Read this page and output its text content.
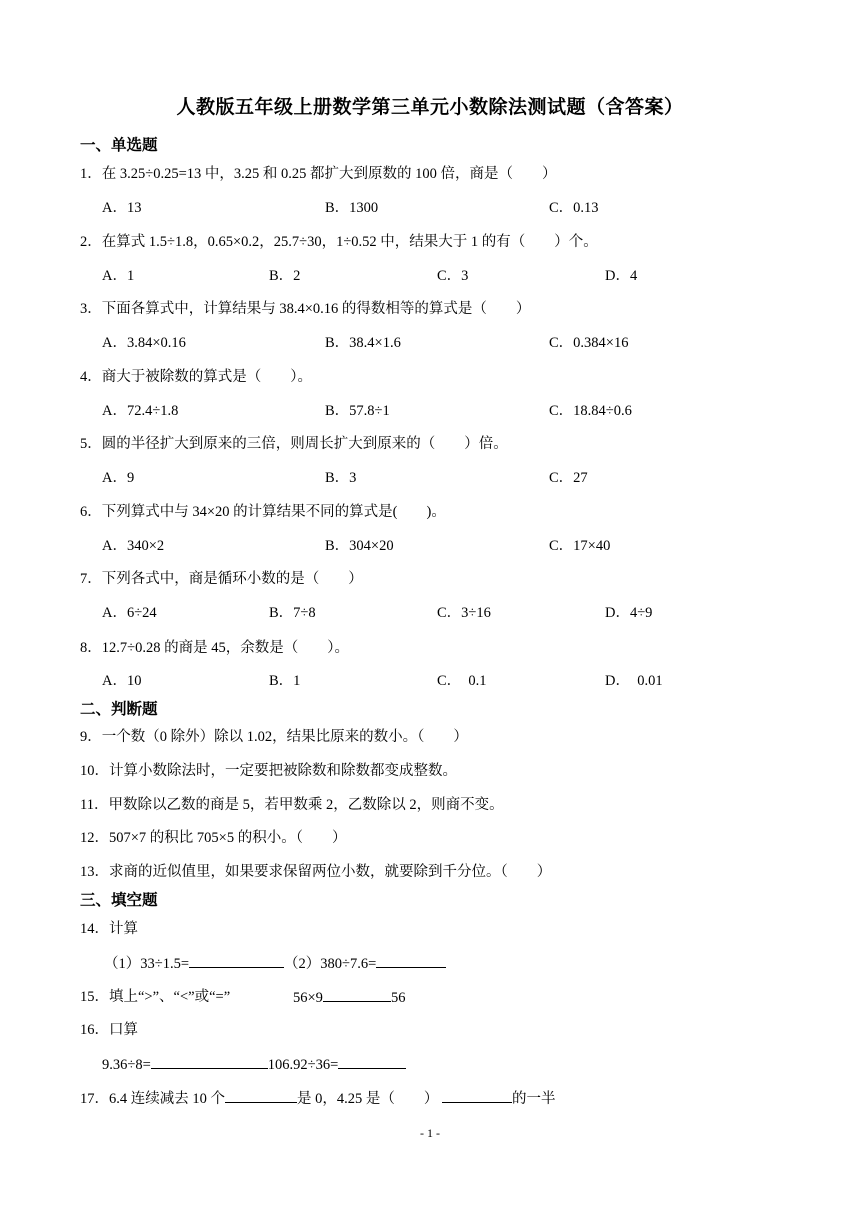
人教版五年级上册数学第三单元小数除法测试题（含答案）
一、单选题
1．在 3.25÷0.25=13 中，3.25 和 0.25 都扩大到原数的 100 倍，商是（　　）
A．13	B．1300	C．0.13
2．在算式 1.5÷1.8，0.65×0.2，25.7÷30，1÷0.52 中，结果大于 1 的有（　　）个。
A．1	B．2	C．3	D．4
3．下面各算式中，计算结果与 38.4×0.16 的得数相等的算式是（　　）
A．3.84×0.16	B．38.4×1.6	C．0.384×16
4．商大于被除数的算式是（　　）。
A．72.4÷1.8	B．57.8÷1	C．18.84÷0.6
5．圆的半径扩大到原来的三倍，则周长扩大到原来的（　　）倍。
A．9	B．3	C．27
6．下列算式中与 34×20 的计算结果不同的算式是(　　)。
A．340×2	B．304×20	C．17×40
7．下列各式中，商是循环小数的是（　　）
A．6÷24	B．7÷8	C．3÷16	D．4÷9
8．12.7÷0.28 的商是 45，余数是（　　）。
A．10	B．1	C．　0.1	D．　0.01
二、判断题
9．一个数（0 除外）除以 1.02，结果比原来的数小。（　　）
10．计算小数除法时，一定要把被除数和除数都变成整数。
11．甲数除以乙数的商是 5，若甲数乘 2，乙数除以 2，则商不变。
12．507×7 的积比 705×5 的积小。（　　）
13．求商的近似值里，如果要求保留两位小数，就要除到千分位。（　　）
三、填空题
14．计算
（1）33÷1.5=	（2）380÷7.6=
15．填上“>”、“<”或“=”	56×9	56
16．口算
9.36÷8=	106.92÷36=
17．6.4 连续减去 10 个	是 0，4.25 是（　　）	的一半
- 1 -
